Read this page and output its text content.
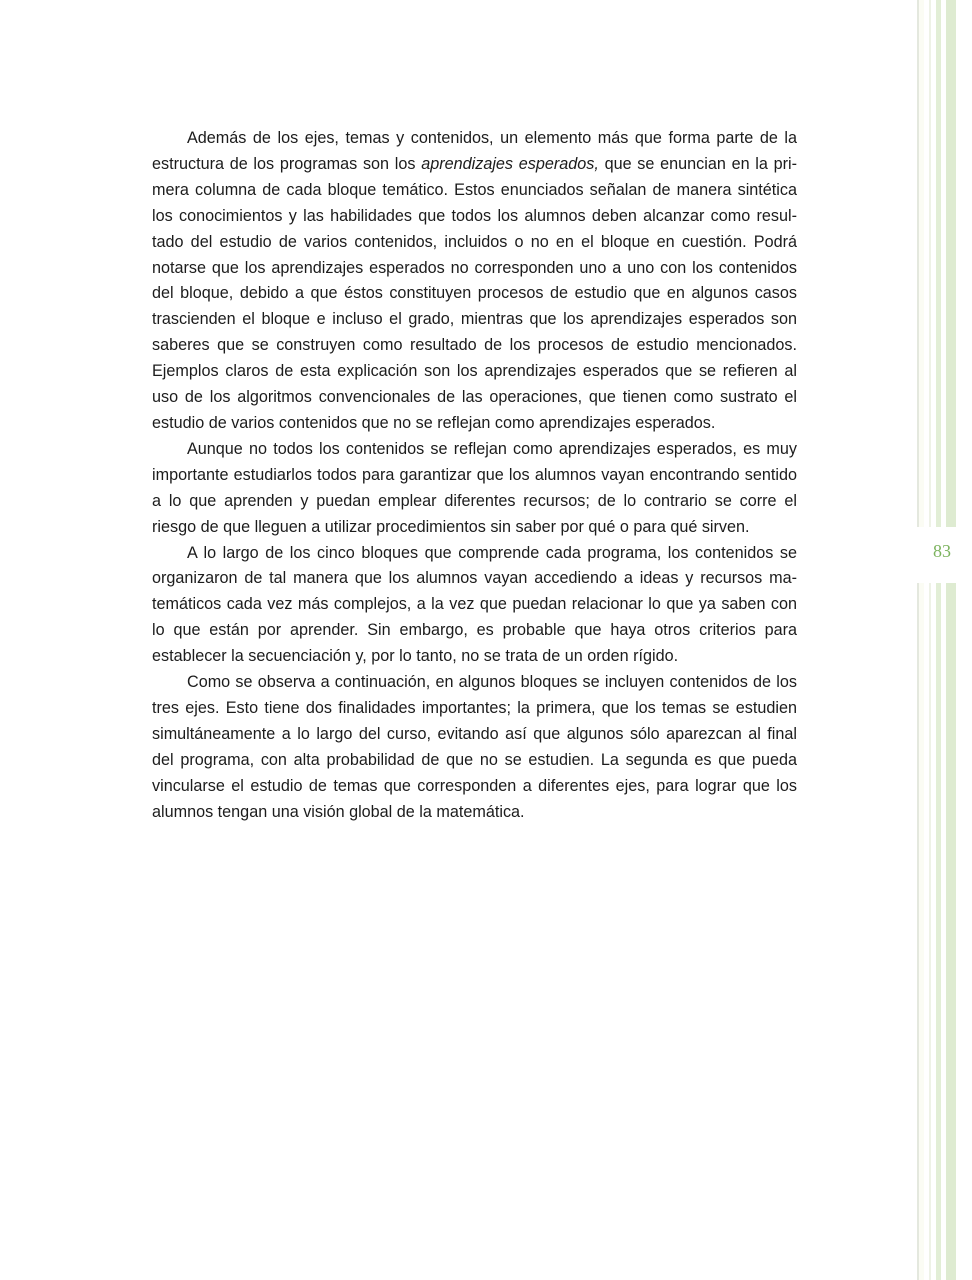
Además de los ejes, temas y contenidos, un elemento más que forma parte de la estructura de los programas son los aprendizajes esperados, que se enuncian en la primera columna de cada bloque temático. Estos enunciados señalan de manera sintética los conocimientos y las habilidades que todos los alumnos deben alcanzar como resultado del estudio de varios contenidos, incluidos o no en el bloque en cuestión. Podrá notarse que los aprendizajes esperados no corresponden uno a uno con los contenidos del bloque, debido a que éstos constituyen procesos de estudio que en algunos casos trascienden el bloque e incluso el grado, mientras que los aprendizajes esperados son saberes que se construyen como resultado de los procesos de estudio mencionados. Ejemplos claros de esta explicación son los aprendizajes esperados que se refieren al uso de los algoritmos convencionales de las operaciones, que tienen como sustrato el estudio de varios contenidos que no se reflejan como aprendizajes esperados.

Aunque no todos los contenidos se reflejan como aprendizajes esperados, es muy importante estudiarlos todos para garantizar que los alumnos vayan encontrando sentido a lo que aprenden y puedan emplear diferentes recursos; de lo contrario se corre el riesgo de que lleguen a utilizar procedimientos sin saber por qué o para qué sirven.

A lo largo de los cinco bloques que comprende cada programa, los contenidos se organizaron de tal manera que los alumnos vayan accediendo a ideas y recursos matemáticos cada vez más complejos, a la vez que puedan relacionar lo que ya saben con lo que están por aprender. Sin embargo, es probable que haya otros criterios para establecer la secuenciación y, por lo tanto, no se trata de un orden rígido.

Como se observa a continuación, en algunos bloques se incluyen contenidos de los tres ejes. Esto tiene dos finalidades importantes; la primera, que los temas se estudien simultáneamente a lo largo del curso, evitando así que algunos sólo aparezcan al final del programa, con alta probabilidad de que no se estudien. La segunda es que pueda vincularse el estudio de temas que corresponden a diferentes ejes, para lograr que los alumnos tengan una visión global de la matemática.

83
